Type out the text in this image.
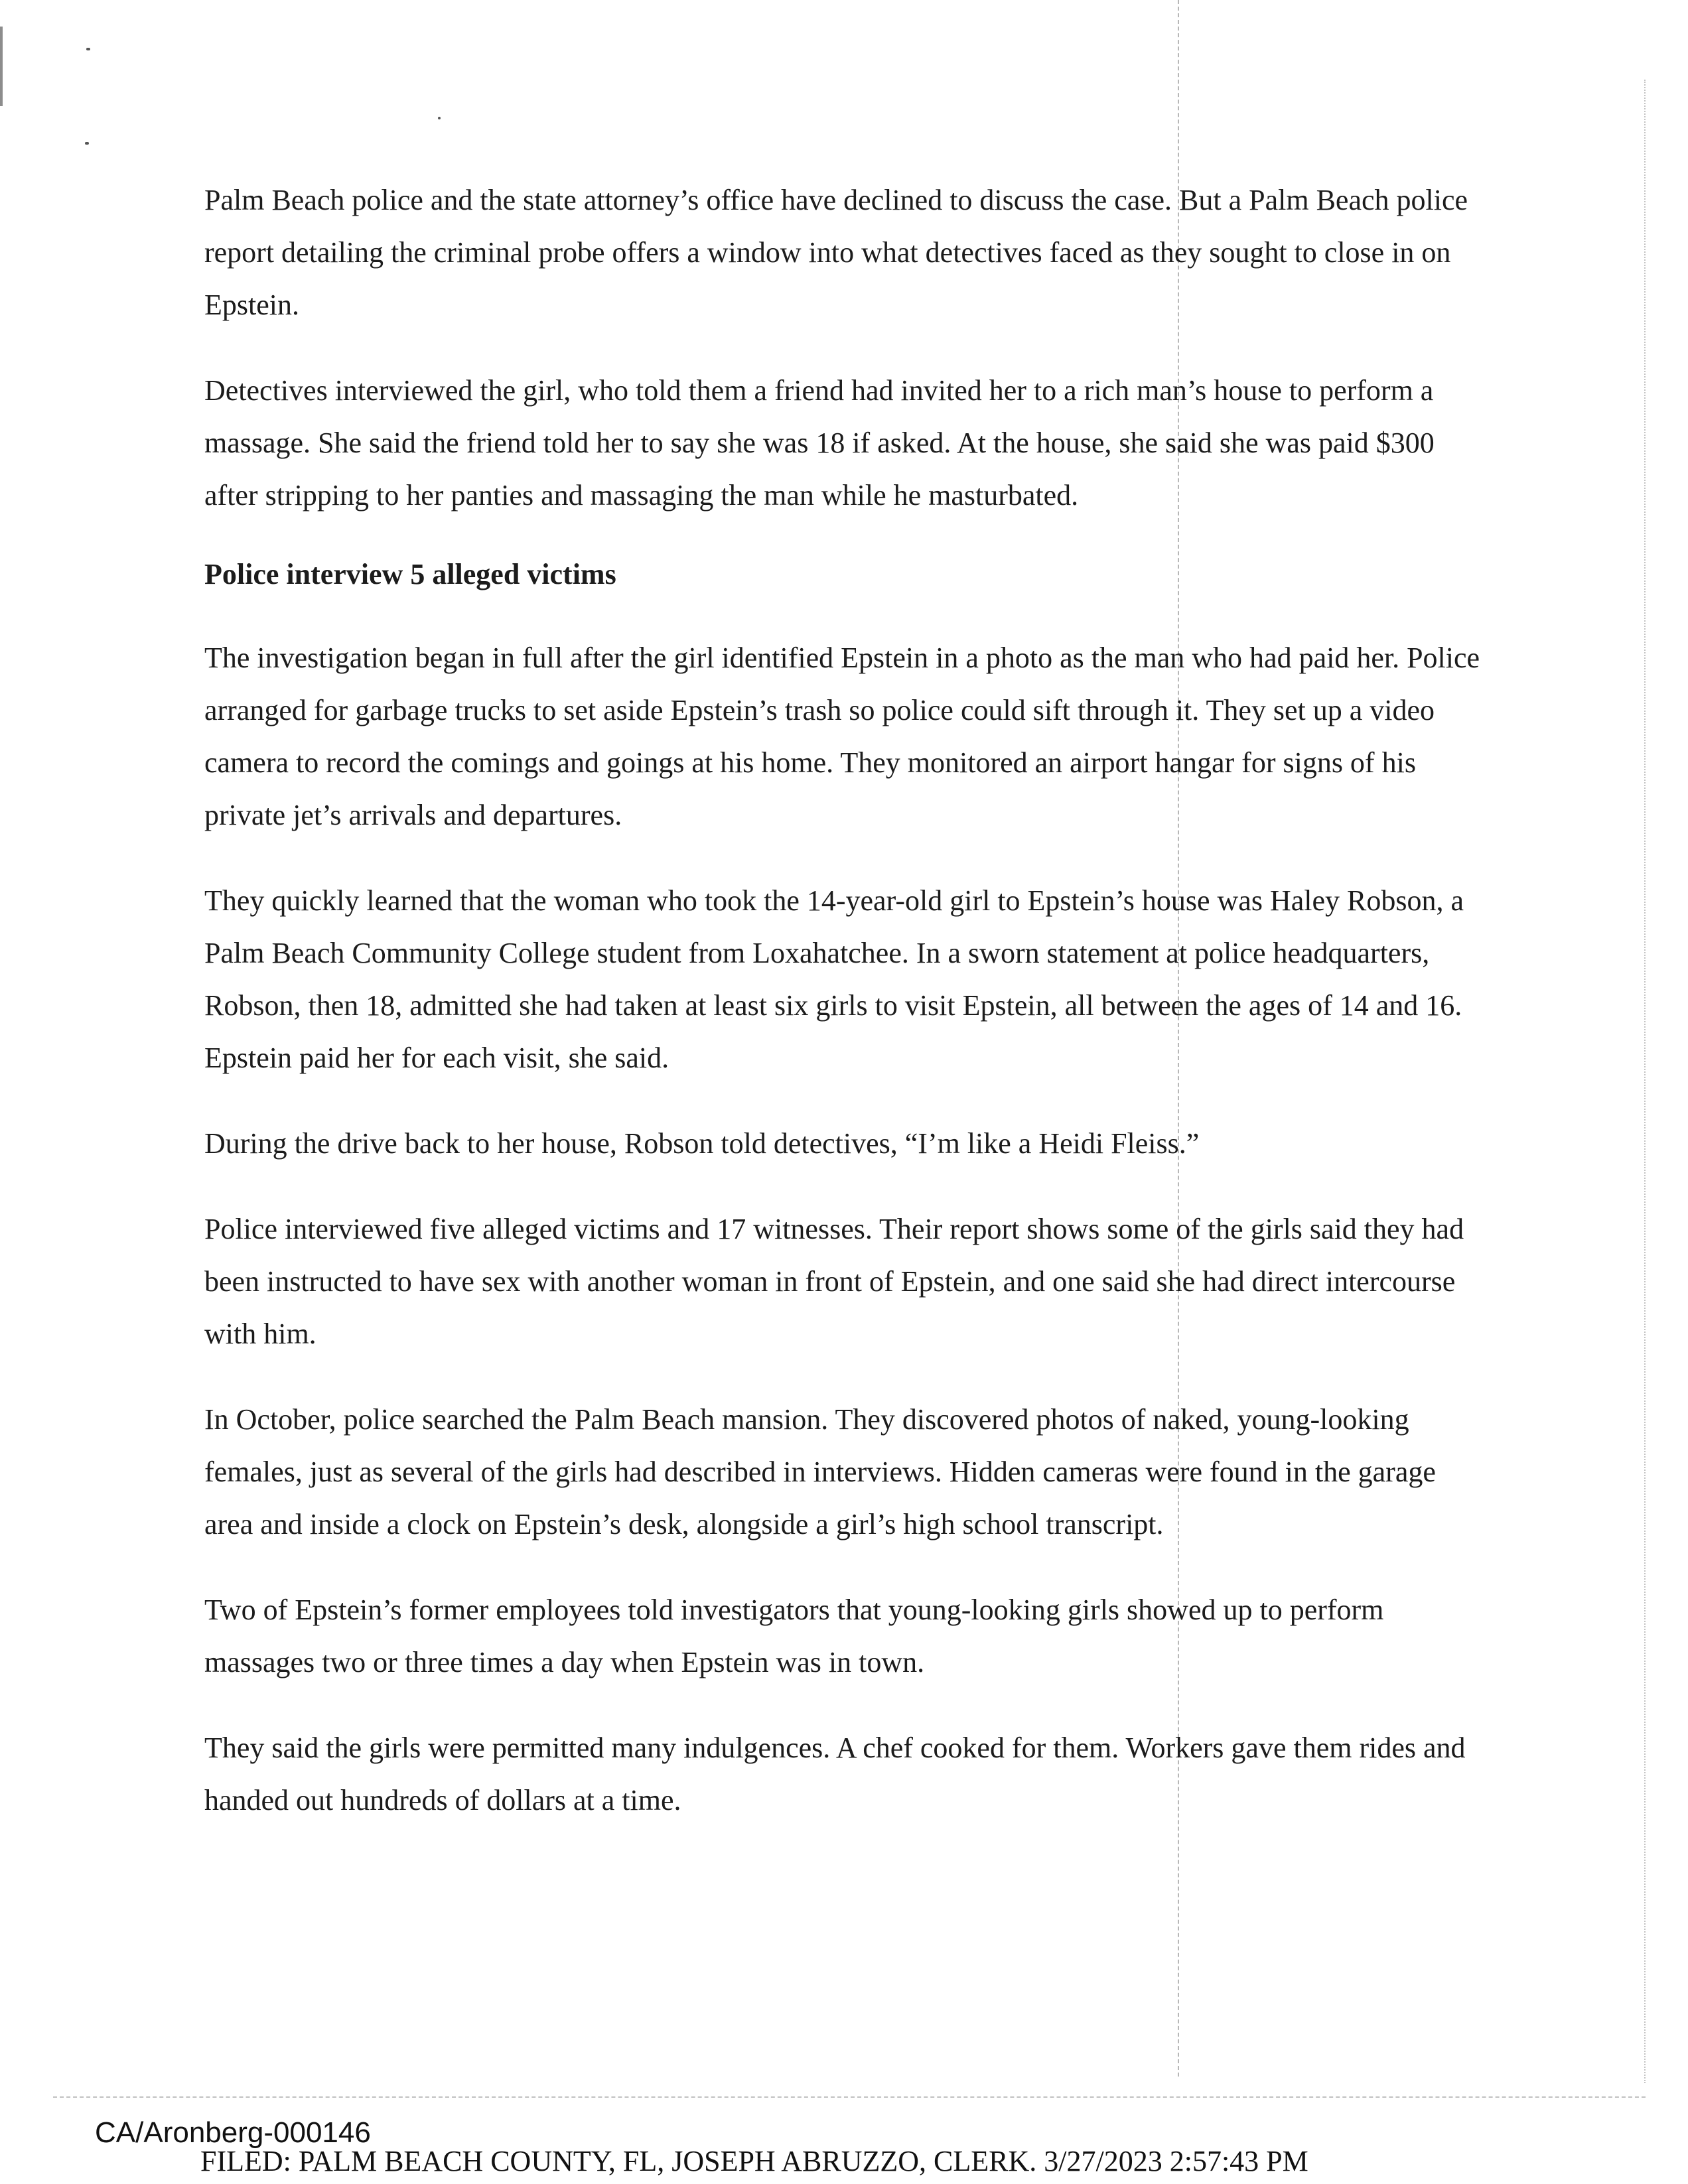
Palm Beach police and the state attorney’s office have declined to discuss the case. But a Palm Beach police report detailing the criminal probe offers a window into what detectives faced as they sought to close in on Epstein.

Detectives interviewed the girl, who told them a friend had invited her to a rich man’s house to perform a massage. She said the friend told her to say she was 18 if asked. At the house, she said she was paid $300 after stripping to her panties and massaging the man while he masturbated.

Police interview 5 alleged victims

The investigation began in full after the girl identified Epstein in a photo as the man who had paid her. Police arranged for garbage trucks to set aside Epstein’s trash so police could sift through it. They set up a video camera to record the comings and goings at his home. They monitored an airport hangar for signs of his private jet’s arrivals and departures.

They quickly learned that the woman who took the 14-year-old girl to Epstein’s house was Haley Robson, a Palm Beach Community College student from Loxahatchee. In a sworn statement at police headquarters, Robson, then 18, admitted she had taken at least six girls to visit Epstein, all between the ages of 14 and 16. Epstein paid her for each visit, she said.

During the drive back to her house, Robson told detectives, “I’m like a Heidi Fleiss.”

Police interviewed five alleged victims and 17 witnesses. Their report shows some of the girls said they had been instructed to have sex with another woman in front of Epstein, and one said she had direct intercourse with him.

In October, police searched the Palm Beach mansion. They discovered photos of naked, young-looking females, just as several of the girls had described in interviews. Hidden cameras were found in the garage area and inside a clock on Epstein’s desk, alongside a girl’s high school transcript.

Two of Epstein’s former employees told investigators that young-looking girls showed up to perform massages two or three times a day when Epstein was in town.

They said the girls were permitted many indulgences. A chef cooked for them. Workers gave them rides and handed out hundreds of dollars at a time.

CA/Aronberg-000146
FILED: PALM BEACH COUNTY, FL, JOSEPH ABRUZZO, CLERK. 3/27/2023 2:57:43 PM
